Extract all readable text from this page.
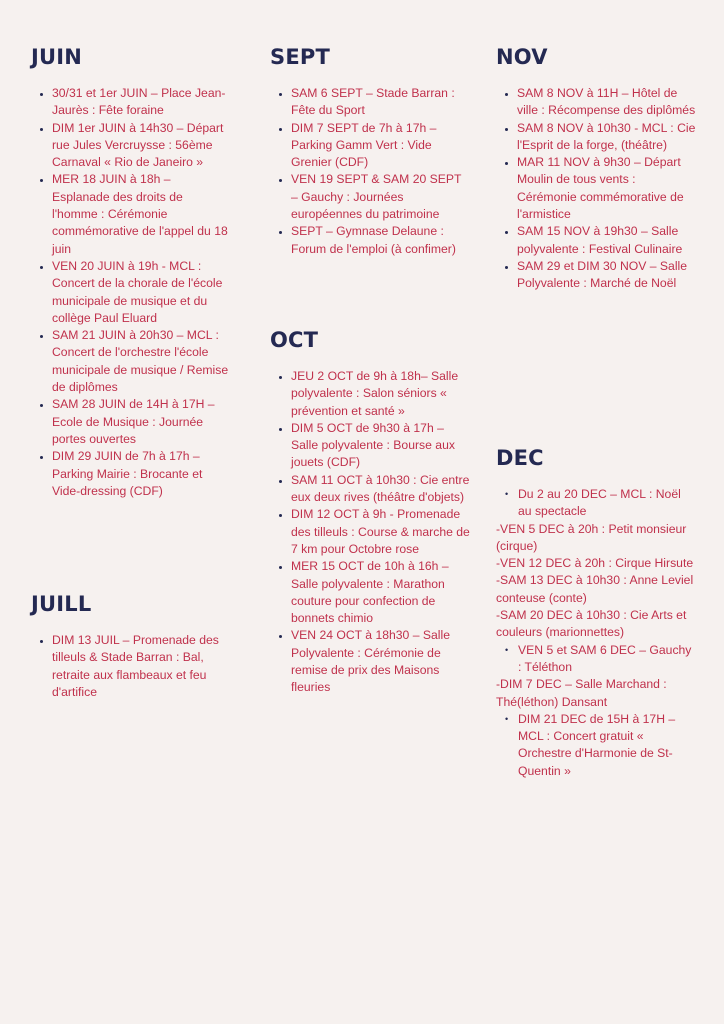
JUIN
• 30/31 et 1er JUIN – Place Jean-Jaurès : Fête foraine
• DIM 1er JUIN à 14h30 – Départ rue Jules Vercruysse : 56ème Carnaval « Rio de Janeiro »
• MER 18 JUIN à 18h – Esplanade des droits de l'homme : Cérémonie commémorative de l'appel du 18 juin
• VEN 20 JUIN à 19h - MCL : Concert de la chorale de l'école municipale de musique et du collège Paul Eluard
• SAM 21 JUIN à 20h30 – MCL : Concert de l'orchestre l'école municipale de musique / Remise de diplômes
• SAM 28 JUIN de 14H à 17H – Ecole de Musique : Journée portes ouvertes
• DIM 29 JUIN de 7h à 17h – Parking Mairie : Brocante et Vide-dressing (CDF)
JUILL
• DIM 13 JUIL – Promenade des tilleuls & Stade Barran : Bal, retraite aux flambeaux et feu d'artifice
SEPT
• SAM 6 SEPT – Stade Barran : Fête du Sport
• DIM 7 SEPT de 7h à 17h – Parking Gamm Vert : Vide Grenier (CDF)
• VEN 19 SEPT & SAM 20 SEPT – Gauchy : Journées européennes du patrimoine
• SEPT – Gymnase Delaune : Forum de l'emploi (à confimer)
OCT
• JEU 2 OCT de 9h à 18h– Salle polyvalente : Salon séniors « prévention et santé »
• DIM 5 OCT de 9h30 à 17h – Salle polyvalente : Bourse aux jouets (CDF)
• SAM 11 OCT à 10h30 : Cie entre eux deux rives (théâtre d'objets)
• DIM 12 OCT à 9h - Promenade des tilleuls : Course & marche de 7 km pour Octobre rose
• MER 15 OCT de 10h à 16h – Salle polyvalente : Marathon couture pour confection de bonnets chimio
• VEN 24 OCT à 18h30 – Salle Polyvalente : Cérémonie de remise de prix des Maisons fleuries
NOV
• SAM 8 NOV à 11H – Hôtel de ville : Récompense des diplômés
• SAM 8 NOV à 10h30 - MCL : Cie l'Esprit de la forge, (théâtre)
• MAR 11 NOV à 9h30 – Départ Moulin de tous vents : Cérémonie commémorative de l'armistice
• SAM 15 NOV à 19h30 – Salle polyvalente : Festival Culinaire
• SAM 29 et DIM 30 NOV – Salle Polyvalente : Marché de Noël
DEC
• Du 2 au 20 DEC – MCL : Noël au spectacle
-VEN 5 DEC à 20h : Petit monsieur (cirque)
-VEN 12 DEC à 20h : Cirque Hirsute
-SAM 13 DEC à 10h30 : Anne Leviel conteuse (conte)
-SAM 20 DEC à 10h30 : Cie Arts et couleurs (marionnettes)
• VEN 5 et SAM 6 DEC – Gauchy : Téléthon
-DIM 7 DEC – Salle Marchand : Thé(léthon) Dansant
• DIM 21 DEC de 15H à 17H – MCL : Concert gratuit « Orchestre d'Harmonie de St-Quentin »
